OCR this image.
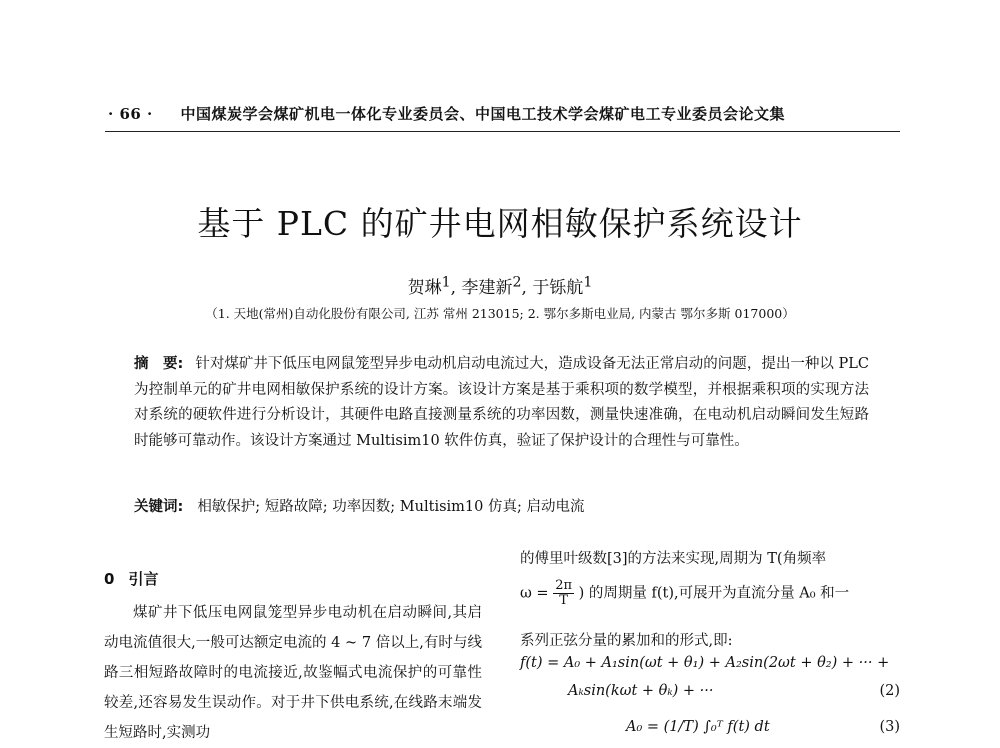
· 66 · 中国煤炭学会煤矿机电一体化专业委员会、中国电工技术学会煤矿电工专业委员会论文集
基于 PLC 的矿井电网相敏保护系统设计
贺琳$^1$, 李建新$^2$, 于铄航$^1$
（1. 天地(常州)自动化股份有限公司, 江苏 常州 213015; 2. 鄂尔多斯电业局, 内蒙古 鄂尔多斯 017000）
摘　要: 针对煤矿井下低压电网鼠笼型异步电动机启动电流过大，造成设备无法正常启动的问题，提出一种以 PLC 为控制单元的矿井电网相敏保护系统的设计方案。该设计方案是基于乘积项的数学模型，并根据乘积项的实现方法对系统的硬软件进行分析设计，其硬件电路直接测量系统的功率因数，测量快速准确，在电动机启动瞬间发生短路时能够可靠动作。该设计方案通过 Multisim10 软件仿真，验证了保护设计的合理性与可靠性。
关键词: 相敏保护; 短路故障; 功率因数; Multisim10 仿真; 启动电流
0 引言

煤矿井下低压电网鼠笼型异步电动机在启动瞬间,其启动电流值很大,一般可达额定电流的 4 ~ 7 倍以上,有时与线路三相短路故障时的电流接近,故鉴幅式电流保护的可靠性较差,还容易发生误动作。对于井下供电系统,在线路末端发生短路时,实测功

的傅里叶级数[3]的方法来实现,周期为 T(角频率
$\omega = \frac{2\pi}{T}$ ) 的周期量 f(t),可展开为直流分量 A₀ 和一
系列正弦分量的累加和的形式,即:
f(t) = A₀ + A₁sin(ωt + θ₁) + A₂sin(2ωt + θ₂) + ··· +
Aₖsin(kωt + θₖ) + ···	(2)
A₀ = (1/T) ∫₀ᵀ f(t) dt	(3)
